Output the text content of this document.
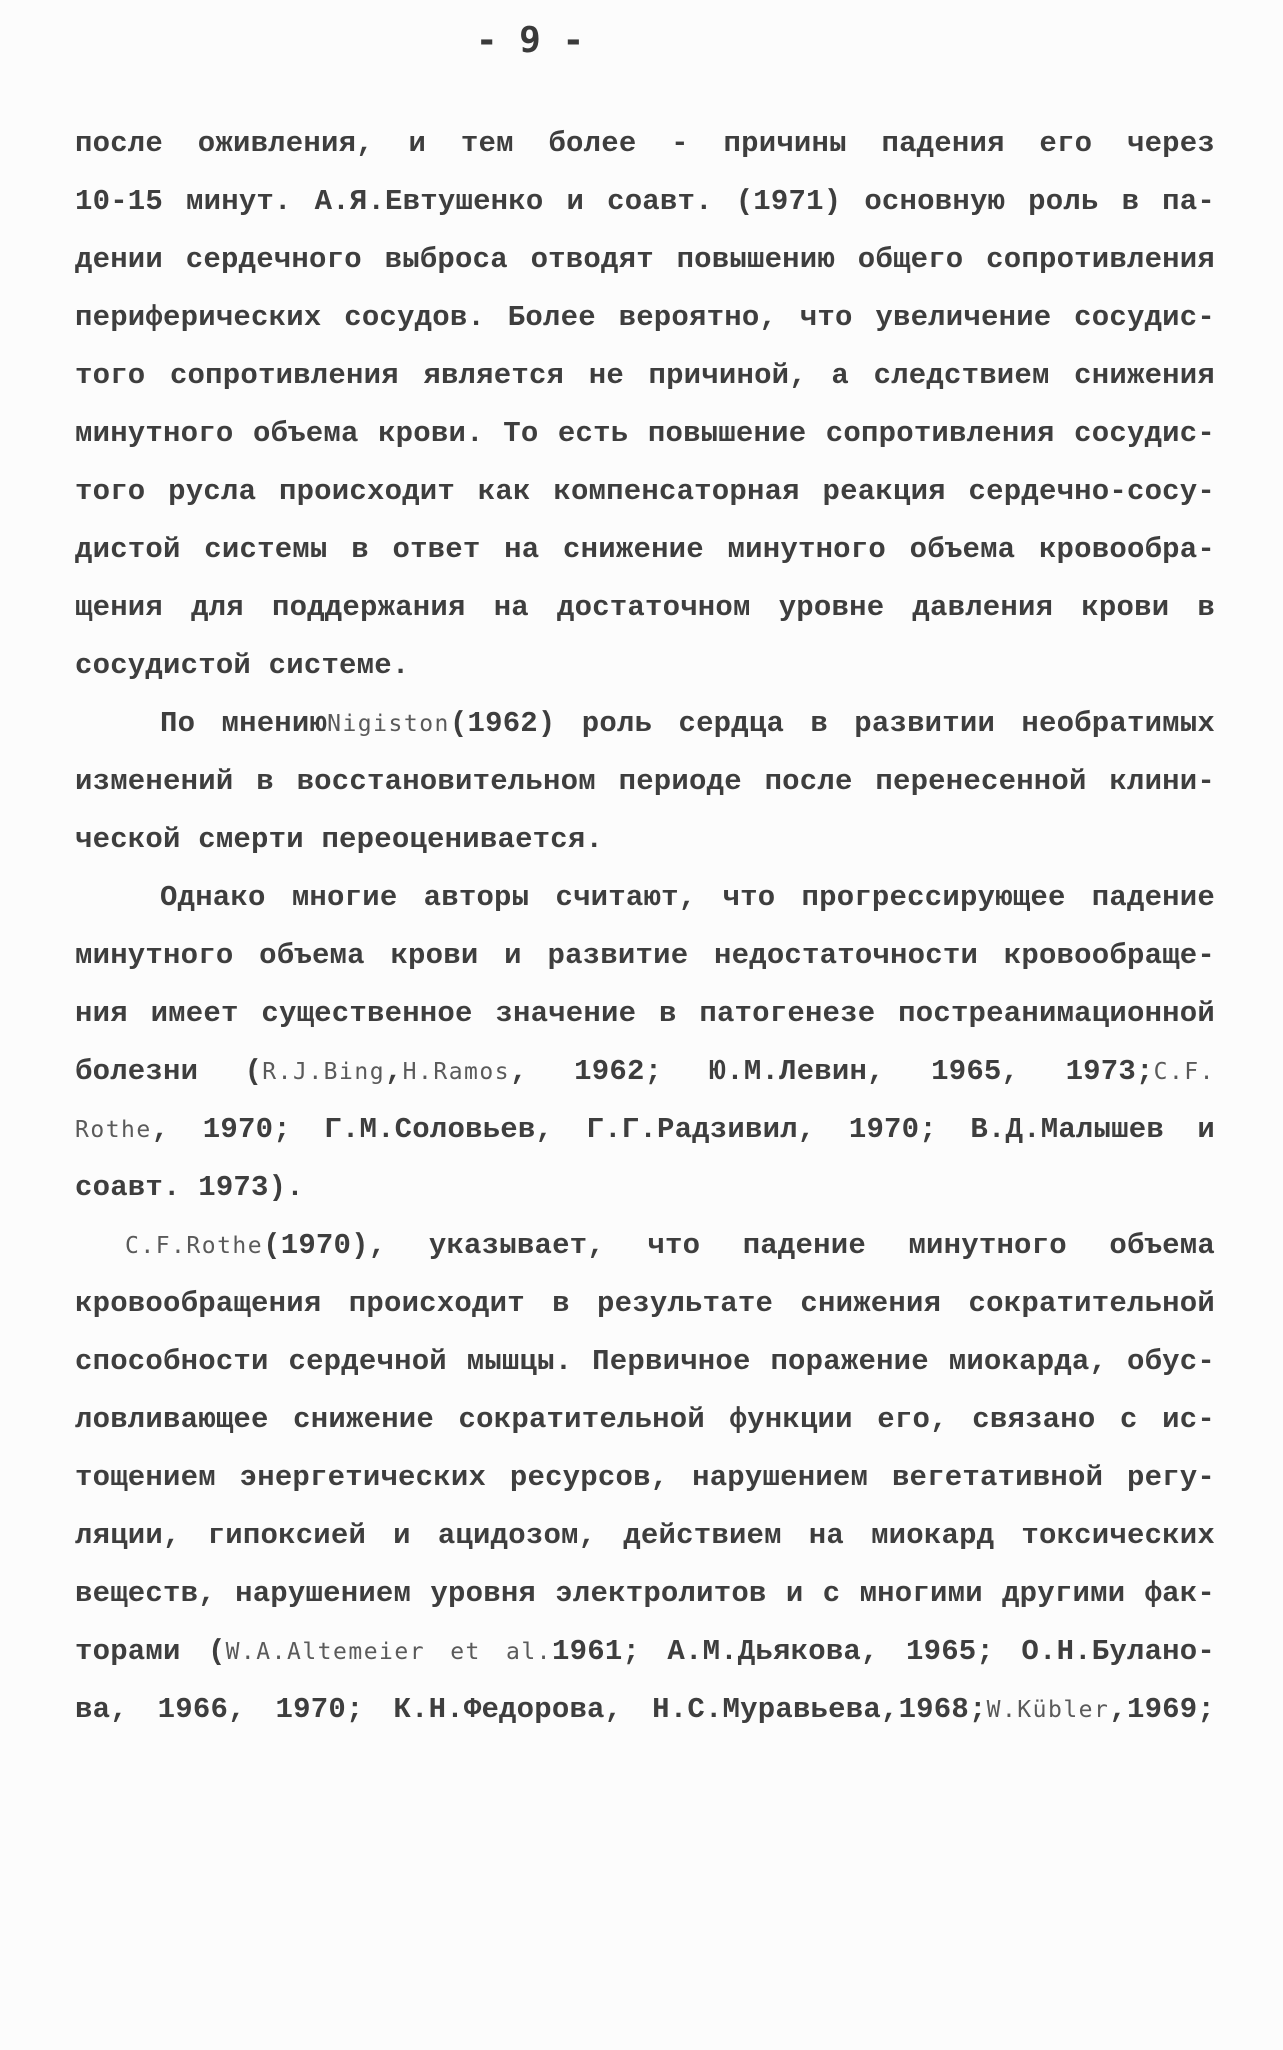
- 9 -
после оживления, и тем более - причины падения его через
10-15 минут. А.Я.Евтушенко и соавт. (1971) основную роль в па-
дении сердечного выброса отводят повышению общего сопротивления
периферических сосудов. Более вероятно, что увеличение сосудис-
того сопротивления является не причиной, а следствием снижения
минутного объема крови. То есть повышение сопротивления сосудис-
того русла происходит как компенсаторная реакция сердечно-сосу-
дистой системы в ответ на снижение минутного объема кровообра-
щения для поддержания на достаточном уровне давления крови в
сосудистой системе.
По мнениюNigiston(1962) роль сердца в развитии необратимых
изменений в восстановительном периоде после перенесенной клини-
ческой смерти переоценивается.
Однако многие авторы считают, что прогрессирующее падение
минутного объема крови и развитие недостаточности кровообраще-
ния имеет существенное значение в патогенезе постреанимационной
болезни (R.J.Bing,H.Ramos, 1962; Ю.М.Левин, 1965, 1973;C.F.
Rothe, 1970; Г.М.Соловьев, Г.Г.Радзивил, 1970; В.Д.Малышев и
соавт. 1973).
C.F.Rothe(1970), указывает, что падение минутного объема
кровообращения происходит в результате снижения сократительной
способности сердечной мышцы. Первичное поражение миокарда, обус-
ловливающее снижение сократительной функции его, связано с ис-
тощением энергетических ресурсов, нарушением вегетативной регу-
ляции, гипоксией и ацидозом, действием на миокард токсических
веществ, нарушением уровня электролитов и с многими другими фак-
торами (W.A.Altemeier et al.1961; А.М.Дьякова, 1965; О.Н.Буланo-
ва, 1966, 1970; К.Н.Федорова, Н.С.Муравьева,1968;W.Kübler,1969;
